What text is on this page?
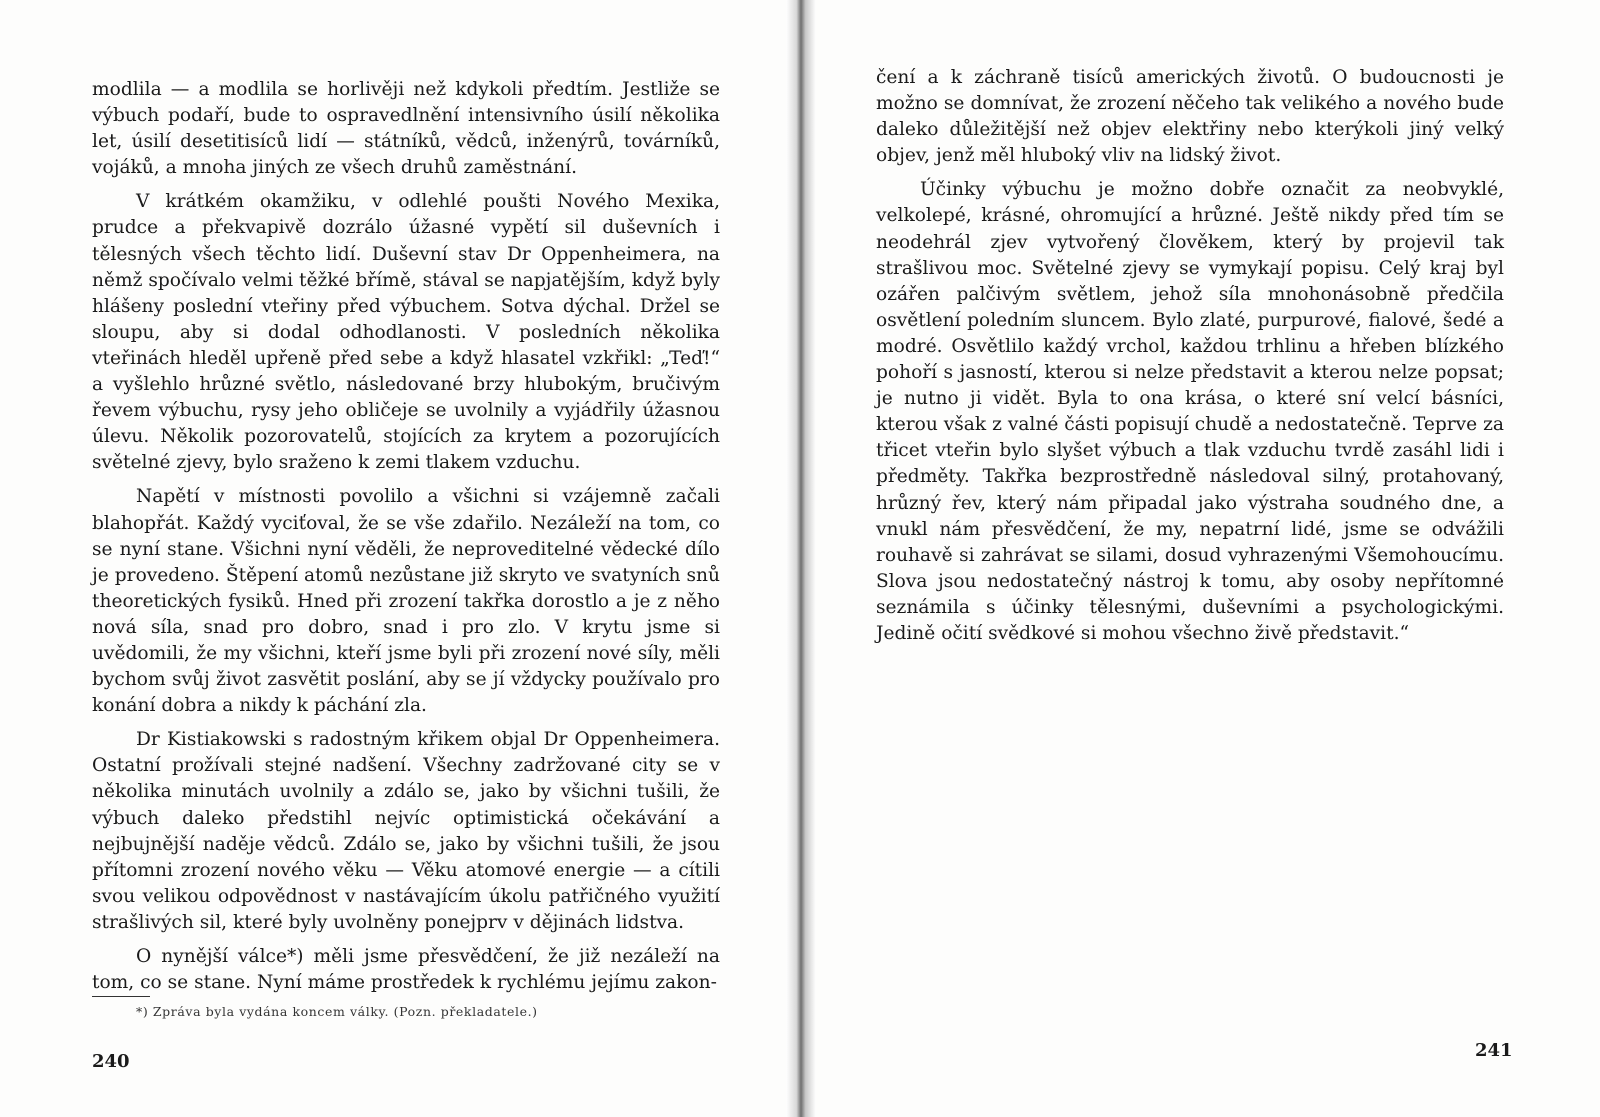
modlila — a modlila se horlivěji než kdykoli předtím. Jestliže se výbuch podaří, bude to ospravedlnění intensivního úsilí několika let, úsilí desetitisíců lidí — státníků, vědců, inženýrů, továrníků, vojáků, a mnoha jiných ze všech druhů zaměstnání.

V krátkém okamžiku, v odlehlé poušti Nového Mexika, prudce a překvapivě dozrálo úžasné vypětí sil duševních i tělesných všech těchto lidí. Duševní stav Dr Oppenheimera, na němž spočívalo velmi těžké břímě, stával se napjatějším, když byly hlášeny poslední vteřiny před výbuchem. Sotva dýchal. Držel se sloupu, aby si dodal odhodlanosti. V posledních několika vteřinách hleděl upřeně před sebe a když hlasatel vzkřikl: „Teď!“ a vyšlehlo hrůzné světlo, následované brzy hlubokým, bručivým řevem výbuchu, rysy jeho obličeje se uvolnily a vyjádřily úžasnou úlevu. Několik pozorovatelů, stojících za krytem a pozorujících světelné zjevy, bylo sraženo k zemi tlakem vzduchu.

Napětí v místnosti povolilo a všichni si vzájemně začali blahopřát. Každý vyciťoval, že se vše zdařilo. Nezáleží na tom, co se nyní stane. Všichni nyní věděli, že neproveditelné vědecké dílo je provedeno. Štěpení atomů nezůstane již skryto ve svatyních snů theoretických fysiků. Hned při zrození takřka dorostlo a je z něho nová síla, snad pro dobro, snad i pro zlo. V krytu jsme si uvědomili, že my všichni, kteří jsme byli při zrození nové síly, měli bychom svůj život zasvětit poslání, aby se jí vždycky používalo pro konání dobra a nikdy k páchání zla.

Dr Kistiakowski s radostným křikem objal Dr Oppenheimera. Ostatní prožívali stejné nadšení. Všechny zadržované city se v několika minutách uvolnily a zdálo se, jako by všichni tušili, že výbuch daleko předstihl nejvíc optimistická očekávání a nejbujnější naděje vědců. Zdálo se, jako by všichni tušili, že jsou přítomni zrození nového věku — Věku atomové energie — a cítili svou velikou odpovědnost v nastávajícím úkolu patřičného využití strašlivých sil, které byly uvolněny ponejprv v dějinách lidstva.

O nynější válce*) měli jsme přesvědčení, že již nezáleží na tom, co se stane. Nyní máme prostředek k rychlému jejímu zakon-

*) Zpráva byla vydána koncem války. (Pozn. překladatele.)
240

čení a k záchraně tisíců amerických životů. O budoucnosti je možno se domnívat, že zrození něčeho tak velikého a nového bude daleko důležitější než objev elektřiny nebo kterýkoli jiný velký objev, jenž měl hluboký vliv na lidský život.

Účinky výbuchu je možno dobře označit za neobvyklé, velkolepé, krásné, ohromující a hrůzné. Ještě nikdy před tím se neodehrál zjev vytvořený člověkem, který by projevil tak strašlivou moc. Světelné zjevy se vymykají popisu. Celý kraj byl ozářen palčivým světlem, jehož síla mnohonásobně předčila osvětlení poledním sluncem. Bylo zlaté, purpurové, fialové, šedé a modré. Osvětlilo každý vrchol, každou trhlinu a hřeben blízkého pohoří s jasností, kterou si nelze představit a kterou nelze popsat; je nutno ji vidět. Byla to ona krása, o které sní velcí básníci, kterou však z valné části popisují chudě a nedostatečně. Teprve za třicet vteřin bylo slyšet výbuch a tlak vzduchu tvrdě zasáhl lidi i předměty. Takřka bezprostředně následoval silný, protahovaný, hrůzný řev, který nám připadal jako výstraha soudného dne, a vnukl nám přesvědčení, že my, nepatrní lidé, jsme se odvážili rouhavě si zahrávat se silami, dosud vyhrazenými Všemohoucímu. Slova jsou nedostatečný nástroj k tomu, aby osoby nepřítomné seznámila s účinky tělesnými, duševními a psychologickými. Jedině očití svědkové si mohou všechno živě představit.“

241
